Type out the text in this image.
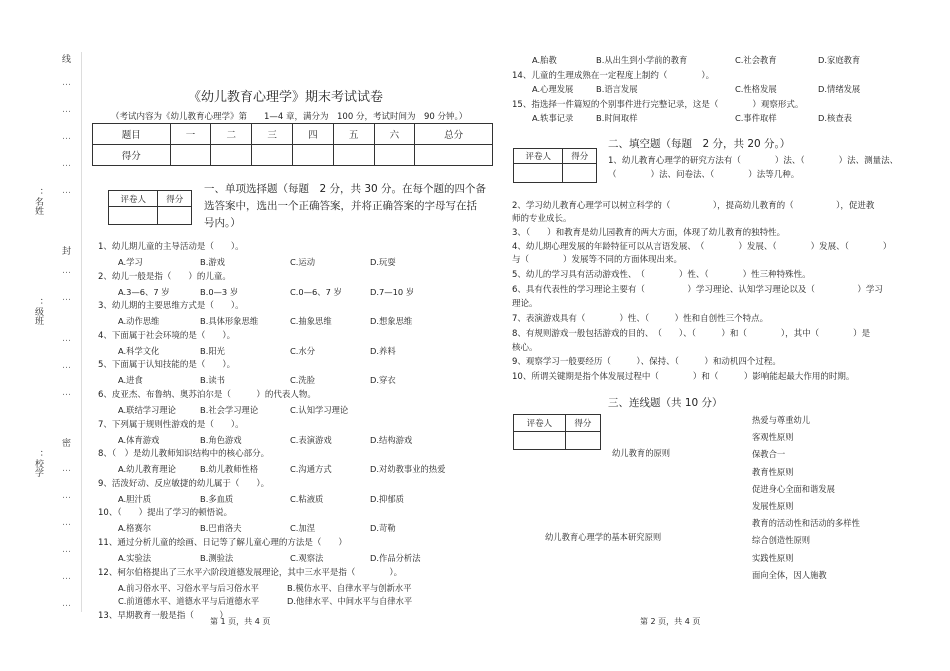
线
…
…
…
…
…
：名姓
封
…
…
：级班
…
…
…
密
：校学 …
…
…
…
…
…
《幼儿教育心理学》期末考试试卷
（考试内容为《幼儿教育心理学》第　　1—4 章，满分为　100 分，考试时间为　90 分钟。）
题目	一	二	三	四	五	六	总分
得分							
评卷人	得分

一、单项选择题（每题　2 分，共 30 分。在每个题的四个备
选答案中，选出一个正确答案，并将正确答案的字母写在括
号内。）
1、幼儿期儿童的主导活动是（　　）。
A.学习	B.游戏	C.运动	D.玩耍
2、幼儿一般是指（　　）的儿童。
A.3—6、7 岁	B.0—3 岁	C.0—6、7 岁	D.7—10 岁
3、幼儿期的主要思维方式是（　　）。
A.动作思维	B.具体形象思维	C.抽象思维	D.想象思维
4、下面属于社会环境的是（　　）。
A.科学文化	B.阳光	C.水分	D.养料
5、下面属于认知技能的是（　　）。
A.进食	B.读书	C.洗脸	D.穿衣
6、皮亚杰、布鲁纳、奥苏泊尔是（　　　）的代表人物。
A.联结学习理论	B.社会学习理论	C.认知学习理论
7、下列属于规则性游戏的是（　　）。
A.体育游戏	B.角色游戏	C.表演游戏	D.结构游戏
8、（　）是幼儿教师知识结构中的核心部分。
A.幼儿教育理论	B.幼儿教师性格	C.沟通方式	D.对幼教事业的热爱
9、活泼好动、反应敏捷的幼儿属于（　　）。
A.胆汁质	B.多血质	C.粘液质	D.抑郁质
10、（　　）提出了学习的顿悟说。
A.格赛尔	B.巴甫洛夫	C.加涅	D.苛勒
11、通过分析儿童的绘画、日记等了解儿童心理的方法是（　　）
A.实验法	B.测验法	C.观察法	D.作品分析法
12、柯尔伯格提出了三水平六阶段道德发展理论，其中三水平是指（　　　　）。
A.前习俗水平、习俗水平与后习俗水平	B.模仿水平、自律水平与创新水平
C.前道德水平、道德水平与后道德水平	D.他律水平、中间水平与自律水平
13、早期教育一般是指（　　　）
A.胎教	B.从出生到小学前的教育	C.社会教育	D.家庭教育
14、儿童的生理成熟在一定程度上制约（　　　　）。
A.心理发展	B.语言发展	C.性格发展	D.情绪发展
15、指选择一件篇短的个别事件进行完整记录，这是（　　　　）观察形式。
A.轶事记录	B.时间取样	C.事件取样	D.核查表
评卷人	得分

二、填空题（每题　2 分，共 20 分。）
1、幼儿教育心理学的研究方法有（　　　　）法、（　　　　）法、测量法、
（　　　　）法、问卷法、（　　　　）法等几种。
2、学习幼儿教育心理学可以树立科学的（　　　　　），提高幼儿教育的（　　　　　），促进教
师的专业成长。
3、（　　）和教育是幼儿园教育的两大方面，体现了幼儿教育的独特性。
4、幼儿期心理发展的年龄特征可以从言语发展、　（　　　　）发展、（　　　　）发展、（　　　　）
与（　　　　）发展等不同的方面体现出来。
5、幼儿的学习具有活动游戏性、　（　　　　）性、（　　　　）性三种特殊性。
6、具有代表性的学习理论主要有（　　　　　）学习理论、认知学习理论以及（　　　　　）学习
理论。
7、表演游戏具有（　　　　）性、（　　　）性和自创性三个特点。
8、有规则游戏一般包括游戏的目的、　（　　）、（　　　）和（　　　　），其中（　　　　）是
核心。
9、观察学习一般要经历（　　　）、保持、（　　　）和动机四个过程。
10、所谓关键期是指个体发展过程中（　　　　）和（　　　）影响能起最大作用的时期。
三、连线题（共 10 分）
评卷人	得分

幼儿教育的原则
幼儿教育心理学的基本研究原则
热爱与尊重幼儿
客观性原则
保教合一
教育性原则
促进身心全面和谐发展
发展性原则
教育的活动性和活动的多样性
综合创造性原则
实践性原则
面向全体，因人施教
第 1 页，共 4 页	第 2 页，共 4 页
